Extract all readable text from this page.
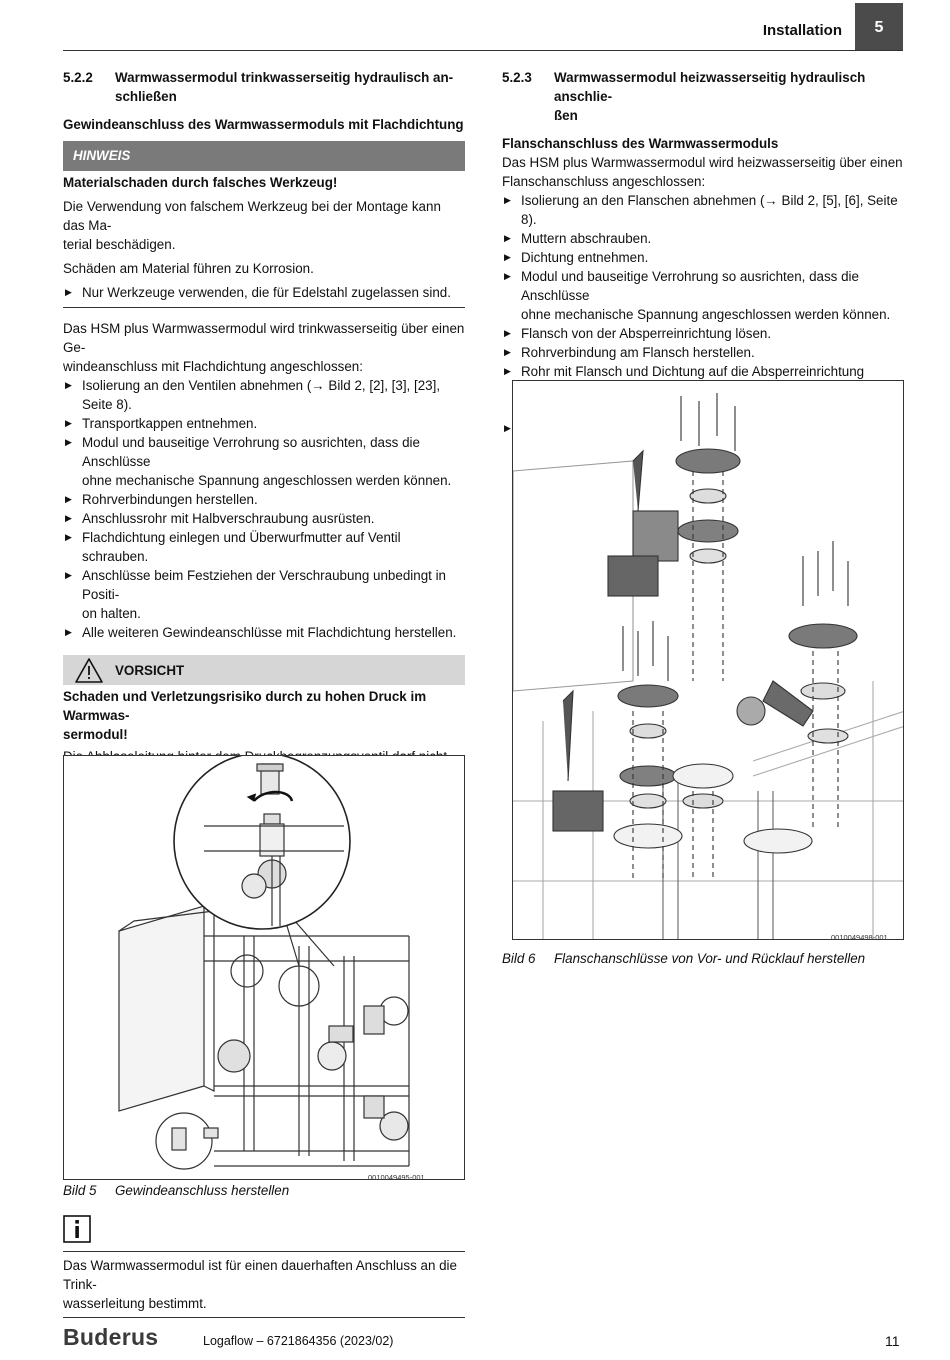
Installation	5
5.2.2	Warmwassermodul trinkwasserseitig hydraulisch an-
schließen
Gewindeanschluss des Warmwassermoduls mit Flachdichtung
HINWEIS
Materialschaden durch falsches Werkzeug!

Die Verwendung von falschem Werkzeug bei der Montage kann das Ma-
terial beschädigen.

Schäden am Material führen zu Korrosion.

▶ Nur Werkzeuge verwenden, die für Edelstahl zugelassen sind.

Das HSM plus Warmwassermodul wird trinkwasserseitig über einen Ge-
windeanschluss mit Flachdichtung angeschlossen:

▶ Isolierung an den Ventilen abnehmen (→ Bild 2, [2], [3], [23],
Seite 8).
▶ Transportkappen entnehmen.
▶ Modul und bauseitige Verrohrung so ausrichten, dass die Anschlüsse
ohne mechanische Spannung angeschlossen werden können.
▶ Rohrverbindungen herstellen.
▶ Anschlussrohr mit Halbverschraubung ausrüsten.
▶ Flachdichtung einlegen und Überwurfmutter auf Ventil schrauben.
▶ Anschlüsse beim Festziehen der Verschraubung unbedingt in Positi-
on halten.
▶ Alle weiteren Gewindeanschlüsse mit Flachdichtung herstellen.
VORSICHT
Schaden und Verletzungsrisiko durch zu hohen Druck im Warmwas-
sermodul!

▶

0010049495-001
Bild 5	Gewindeanschluss herstellen

Das Warmwassermodul ist für einen dauerhaften Anschluss an die Trink-
wasserleitung bestimmt.

5.2.3	Warmwassermodul heizwasserseitig hydraulisch anschlie-
ßen
Flanschanschluss des Warmwassermoduls

Das HSM plus Warmwassermodul wird heizwasserseitig über einen
Flanschanschluss angeschlossen:

▶ Isolierung an den Flanschen abnehmen (→ Bild 2, [5], [6], Seite 8).
▶ Muttern abschrauben.
▶ Dichtung entnehmen.
▶ Modul und bauseitige Verrohrung so ausrichten, dass die Anschlüsse
ohne mechanische Spannung angeschlossen werden können.
▶ Flansch von der Absperreinrichtung lösen.
▶ Rohrverbindung am Flansch herstellen.
▶ Rohr mit Flansch und Dichtung auf die Absperreinrichtung

▶
0010049498-001
Bild 6	Flanschanschlüsse von Vor- und Rücklauf herstellen
Buderus	Logaflow – 6721864356 (2023/02)	11
